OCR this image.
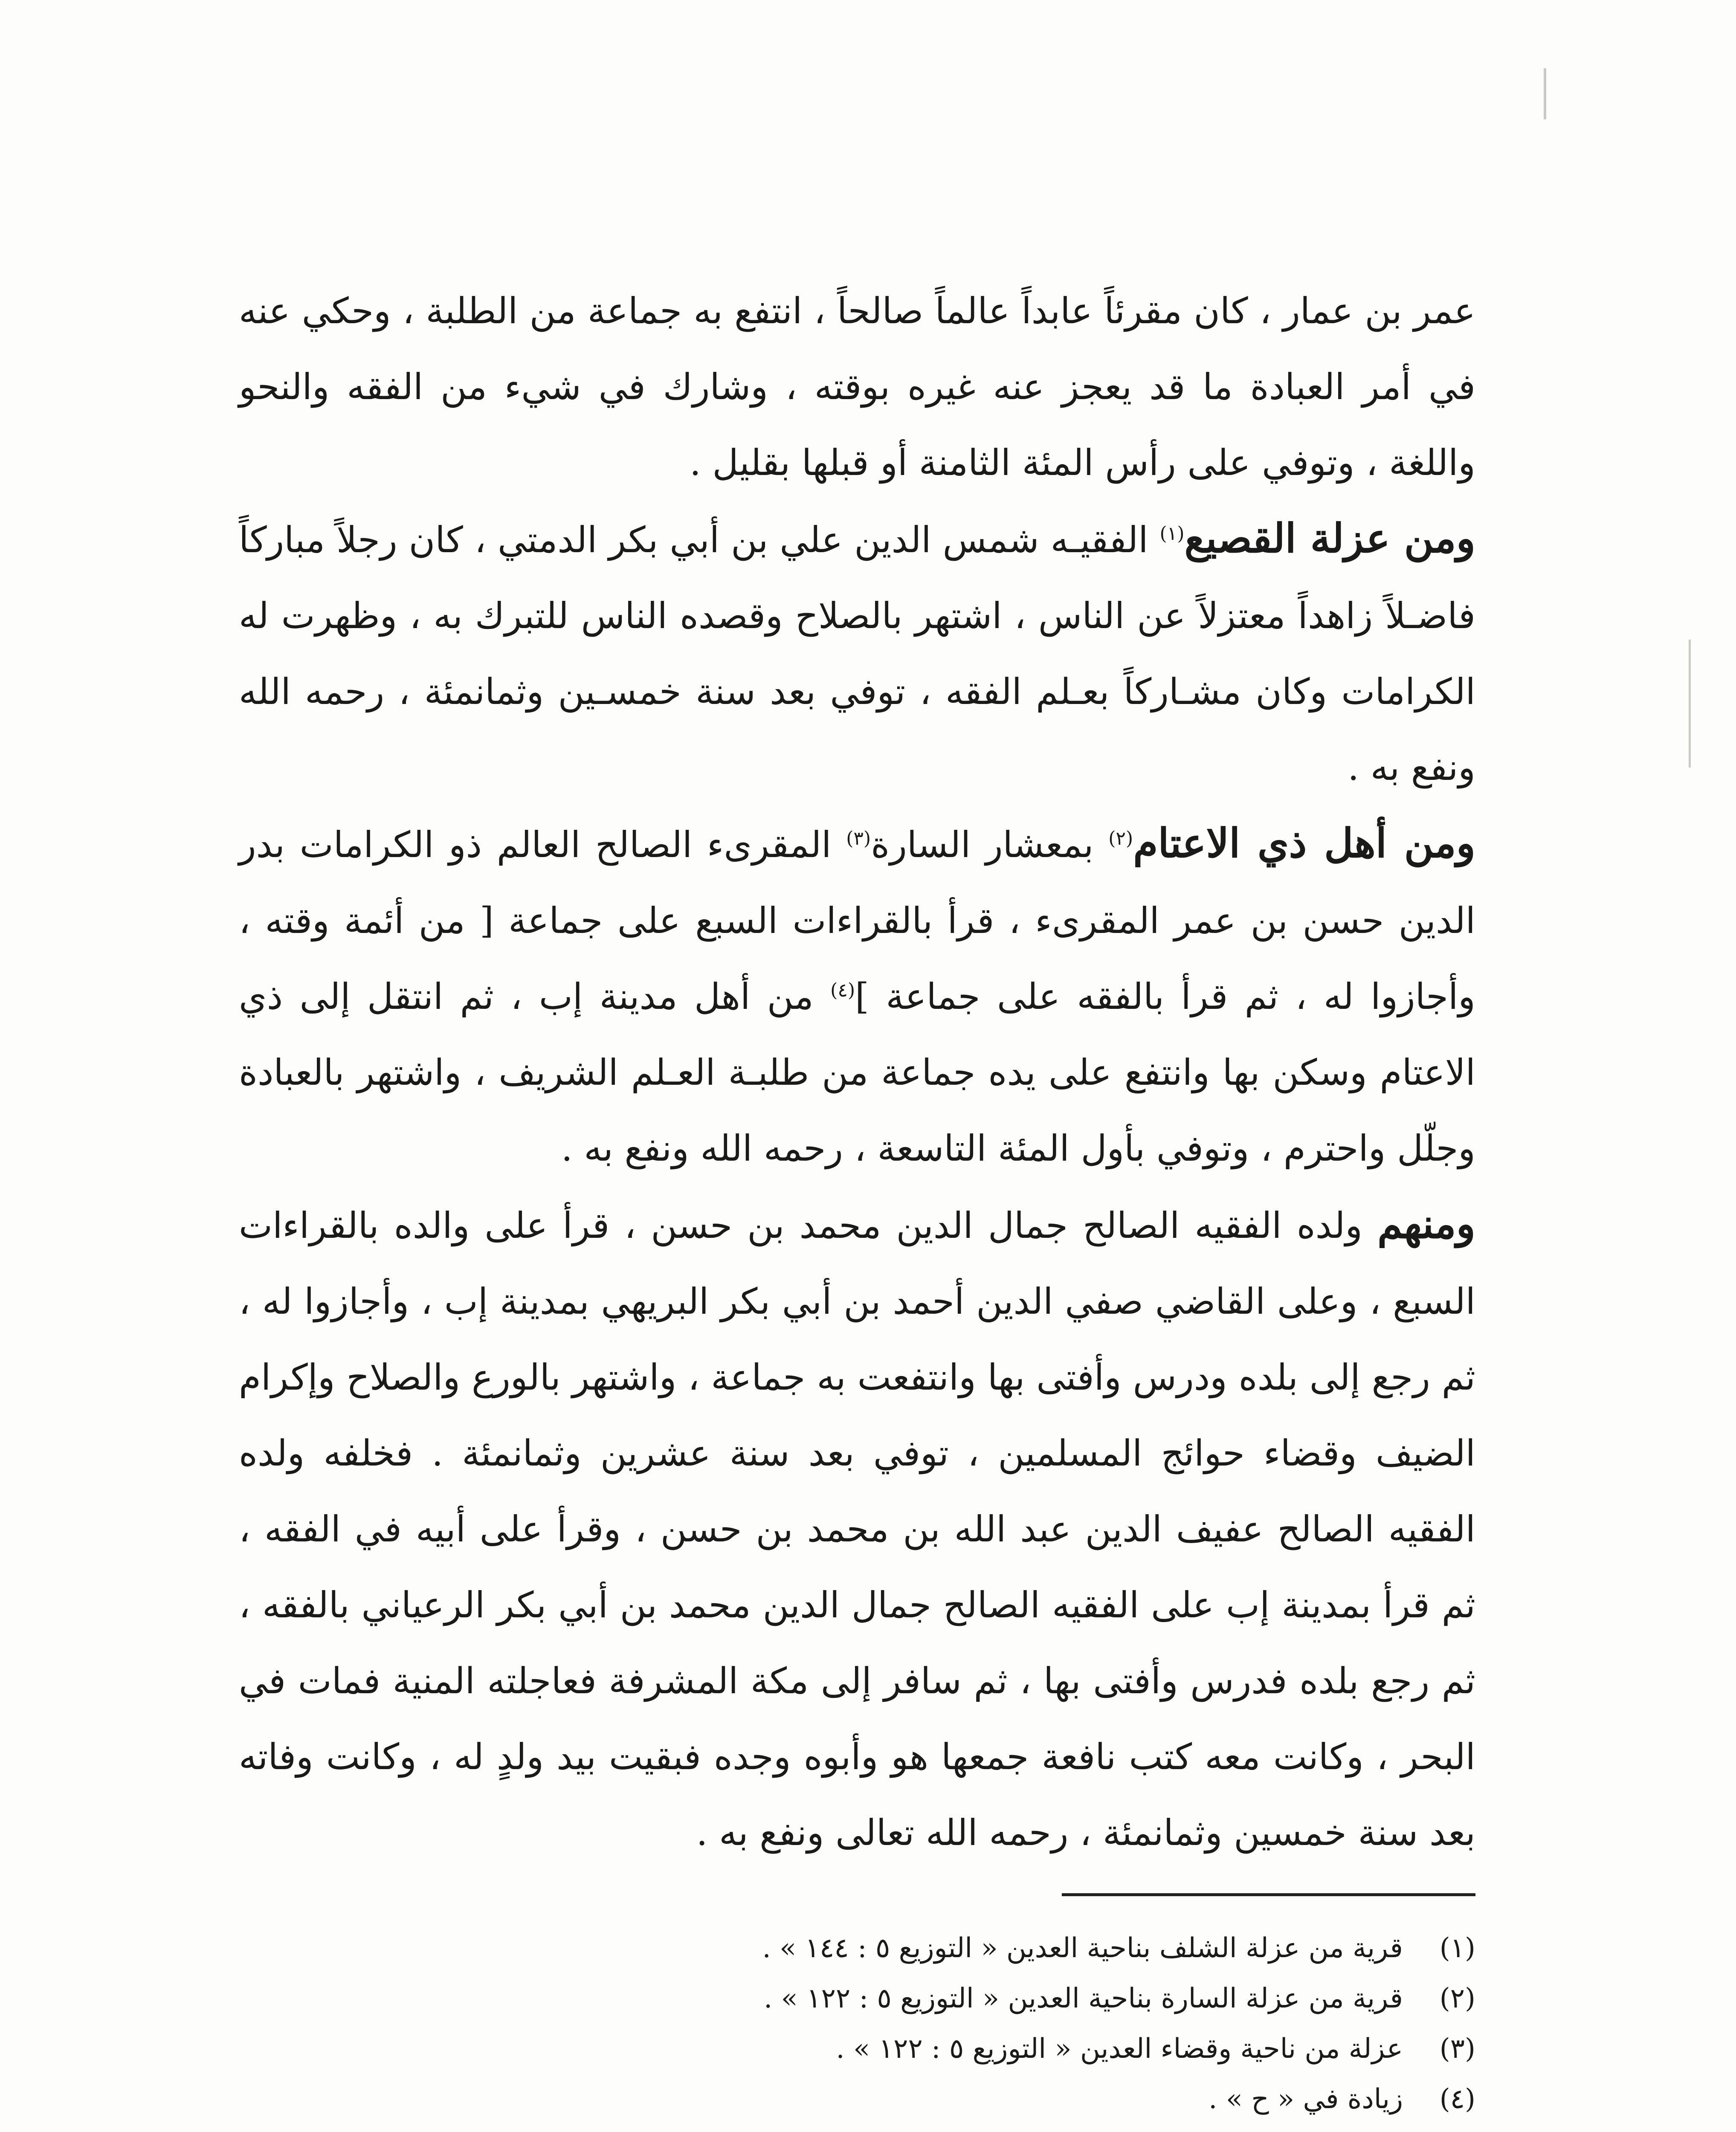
عمر بن عمار ، كان مقرئاً عابداً عالماً صالحاً ، انتفع به جماعة من الطلبة ، وحكي عنه في أمر العبادة ما قد يعجز عنه غيره بوقته ، وشارك في شيء من الفقه والنحو واللغة ، وتوفي على رأس المئة الثامنة أو قبلها بقليل .

ومن عزلة القصيع$^{(١)}$ الفقيـه شمس الدين علي بن أبي بكر الدمتي ، كان رجلاً مباركاً فاضـلاً زاهداً معتزلاً عن الناس ، اشتهر بالصلاح وقصده الناس للتبرك به ، وظهرت له الكرامات وكان مشـاركاً بعـلم الفقه ، توفي بعد سنة خمسـين وثمانمئة ، رحمه الله ونفع به .

ومن أهل ذي الاعتام$^{(٢)}$ بمعشار السارة$^{(٣)}$ المقرىء الصالح العالم ذو الكرامات بدر الدين حسن بن عمر المقرىء ، قرأ بالقراءات السبع على جماعة [ من أئمة وقته ، وأجازوا له ، ثم قرأ بالفقه على جماعة ]$^{(٤)}$ من أهل مدينة إب ، ثم انتقل إلى ذي الاعتام وسكن بها وانتفع على يده جماعة من طلبـة العـلم الشريف ، واشتهر بالعبادة وجلّل واحترم ، وتوفي بأول المئة التاسعة ، رحمه الله ونفع به .

ومنهم ولده الفقيه الصالح جمال الدين محمد بن حسن ، قرأ على والده بالقراءات السبع ، وعلى القاضي صفي الدين أحمد بن أبي بكر البريهي بمدينة إب ، وأجازوا له ، ثم رجع إلى بلده ودرس وأفتى بها وانتفعت به جماعة ، واشتهر بالورع والصلاح وإكرام الضيف وقضاء حوائج المسلمين ، توفي بعد سنة عشرين وثمانمئة . فخلفه ولده الفقيه الصالح عفيف الدين عبد الله بن محمد بن حسن ، وقرأ على أبيه في الفقه ، ثم قرأ بمدينة إب على الفقيه الصالح جمال الدين محمد بن أبي بكر الرعياني بالفقه ، ثم رجع بلده فدرس وأفتى بها ، ثم سافر إلى مكة المشرفة فعاجلته المنية فمات في البحر ، وكانت معه كتب نافعة جمعها هو وأبوه وجده فبقيت بيد ولدٍ له ، وكانت وفاته بعد سنة خمسين وثمانمئة ، رحمه الله تعالى ونفع به .

(١)
قرية من عزلة الشلف بناحية العدين « التوزيع ٥ : ١٤٤ » .
(٢)
قرية من عزلة السارة بناحية العدين « التوزيع ٥ : ١٢٢ » .
(٣)
عزلة من ناحية وقضاء العدين « التوزيع ٥ : ١٢٢ » .
(٤)
زيادة في « ح » .
